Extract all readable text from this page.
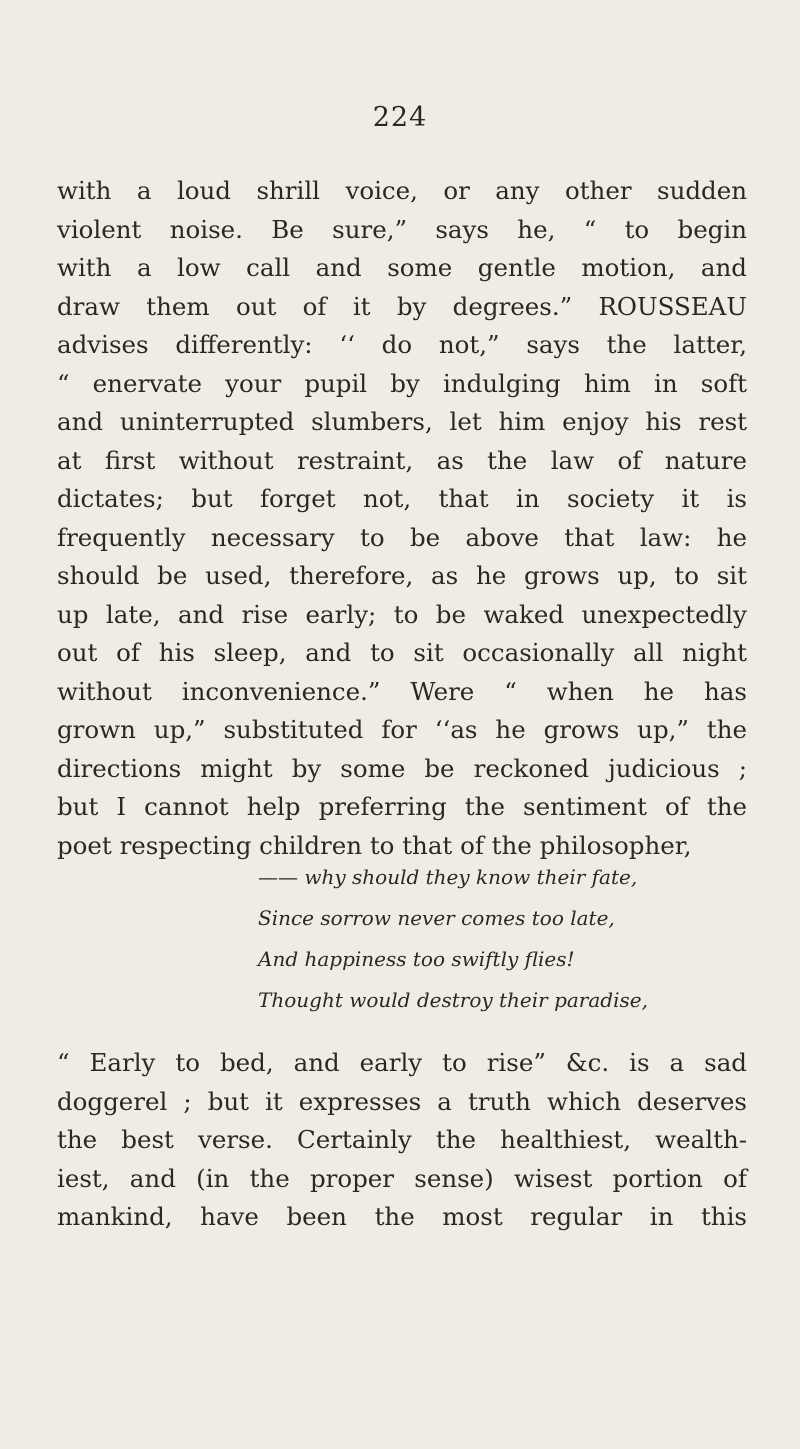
224
with a loud shrill voice, or any other sudden
violent noise. Be sure,” says he, “ to begin
with a low call and some gentle motion, and
draw them out of it by degrees.” ROUSSEAU
advises differently: ‘‘ do not,” says the latter,
“ enervate your pupil by indulging him in soft
and uninterrupted slumbers, let him enjoy his rest
at first without restraint, as the law of nature
dictates; but forget not, that in society it is
frequently necessary to be above that law: he
should be used, therefore, as he grows up, to sit
up late, and rise early; to be waked unexpectedly
out of his sleep, and to sit occasionally all night
without inconvenience.” Were “ when he has
grown up,” substituted for ‘‘as he grows up,” the
directions might by some be reckoned judicious ;
but I cannot help preferring the sentiment of the
poet respecting children to that of the philosopher,
—— why should they know their fate,
Since sorrow never comes too late,
And happiness too swiftly flies!
Thought would destroy their paradise,
“ Early to bed, and early to rise” &c. is a sad
doggerel ; but it expresses a truth which deserves
the best verse. Certainly the healthiest, wealth-
iest, and (in the proper sense) wisest portion of
mankind, have been the most regular in this
